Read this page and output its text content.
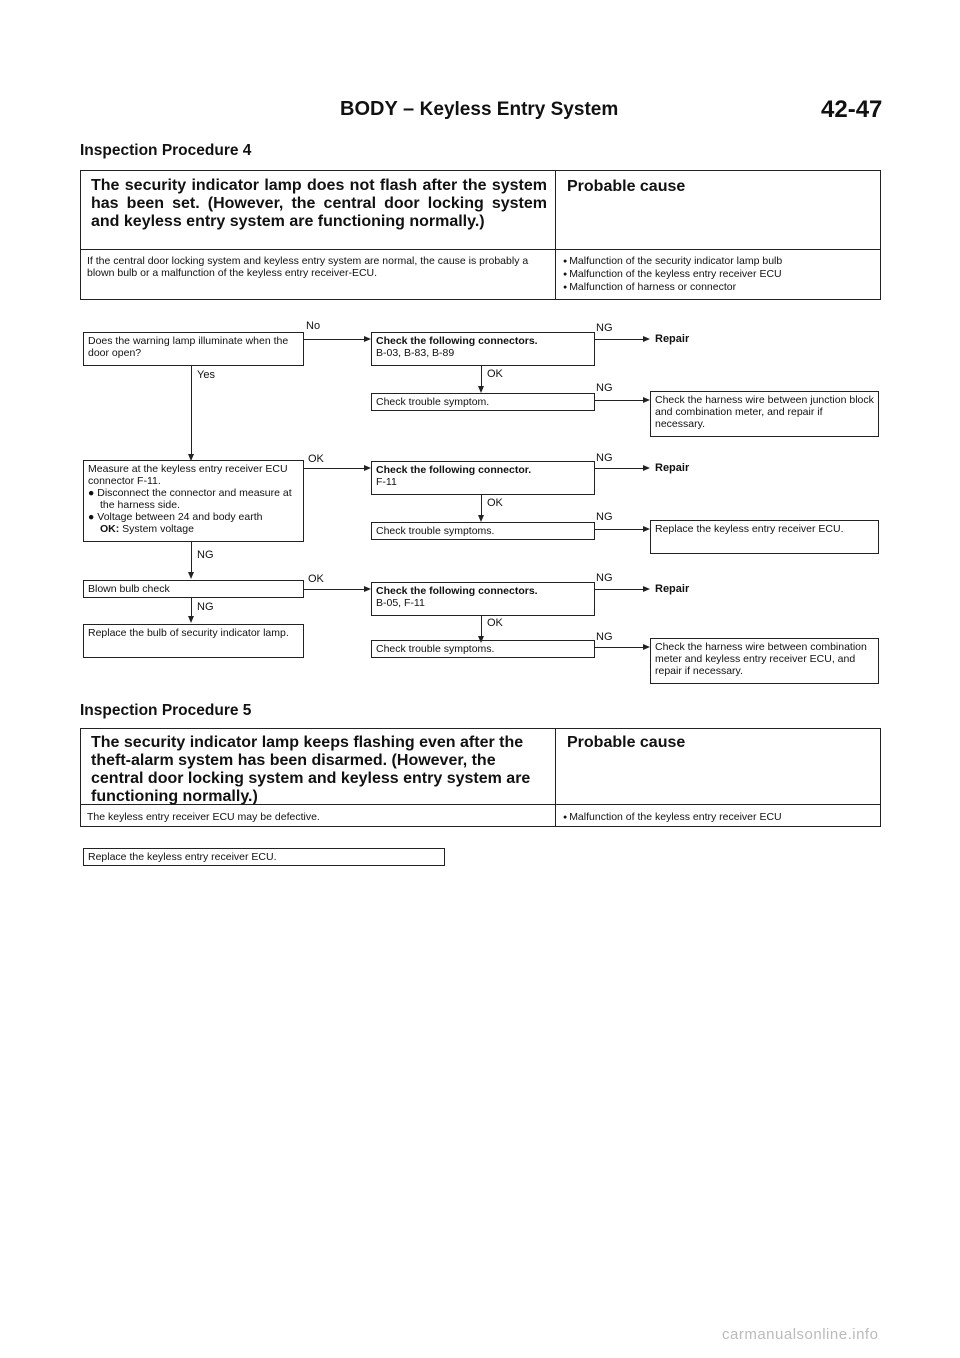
BODY – Keyless Entry System	42-47
Inspection Procedure 4
The security indicator lamp does not flash after the system has been set. (However, the central door locking system and keyless entry system are functioning normally.)
Probable cause
If the central door locking system and keyless entry system are normal, the cause is probably a blown bulb or a malfunction of the keyless entry receiver-ECU.
● Malfunction of the security indicator lamp bulb
● Malfunction of the keyless entry receiver ECU
● Malfunction of harness or connector
Does the warning lamp illuminate when the door open?
No
Check the following connectors.
B-03, B-83, B-89
NG
Repair
OK
Check trouble symptom.
NG
Check the harness wire between junction block and combination meter, and repair if necessary.
Yes
Measure at the keyless entry receiver ECU connector F-11.
● Disconnect the connector and measure at the harness side.
● Voltage between 24 and body earth
OK: System voltage
OK
Check the following connector.
F-11
NG
Repair
OK
Check trouble symptoms.
NG
Replace the keyless entry receiver ECU.
NG
Blown bulb check
OK
Check the following connectors.
B-05, F-11
NG
Repair
OK
Check trouble symptoms.
NG
Check the harness wire between combination meter and keyless entry receiver ECU, and repair if necessary.
NG
Replace the bulb of security indicator lamp.
Inspection Procedure 5
The security indicator lamp keeps flashing even after the theft-alarm system has been disarmed. (However, the central door locking system and keyless entry system are functioning normally.)
Probable cause
The keyless entry receiver ECU may be defective.
●	Malfunction of the keyless entry receiver ECU
Replace the keyless entry receiver ECU.
carmanualsonline.info
